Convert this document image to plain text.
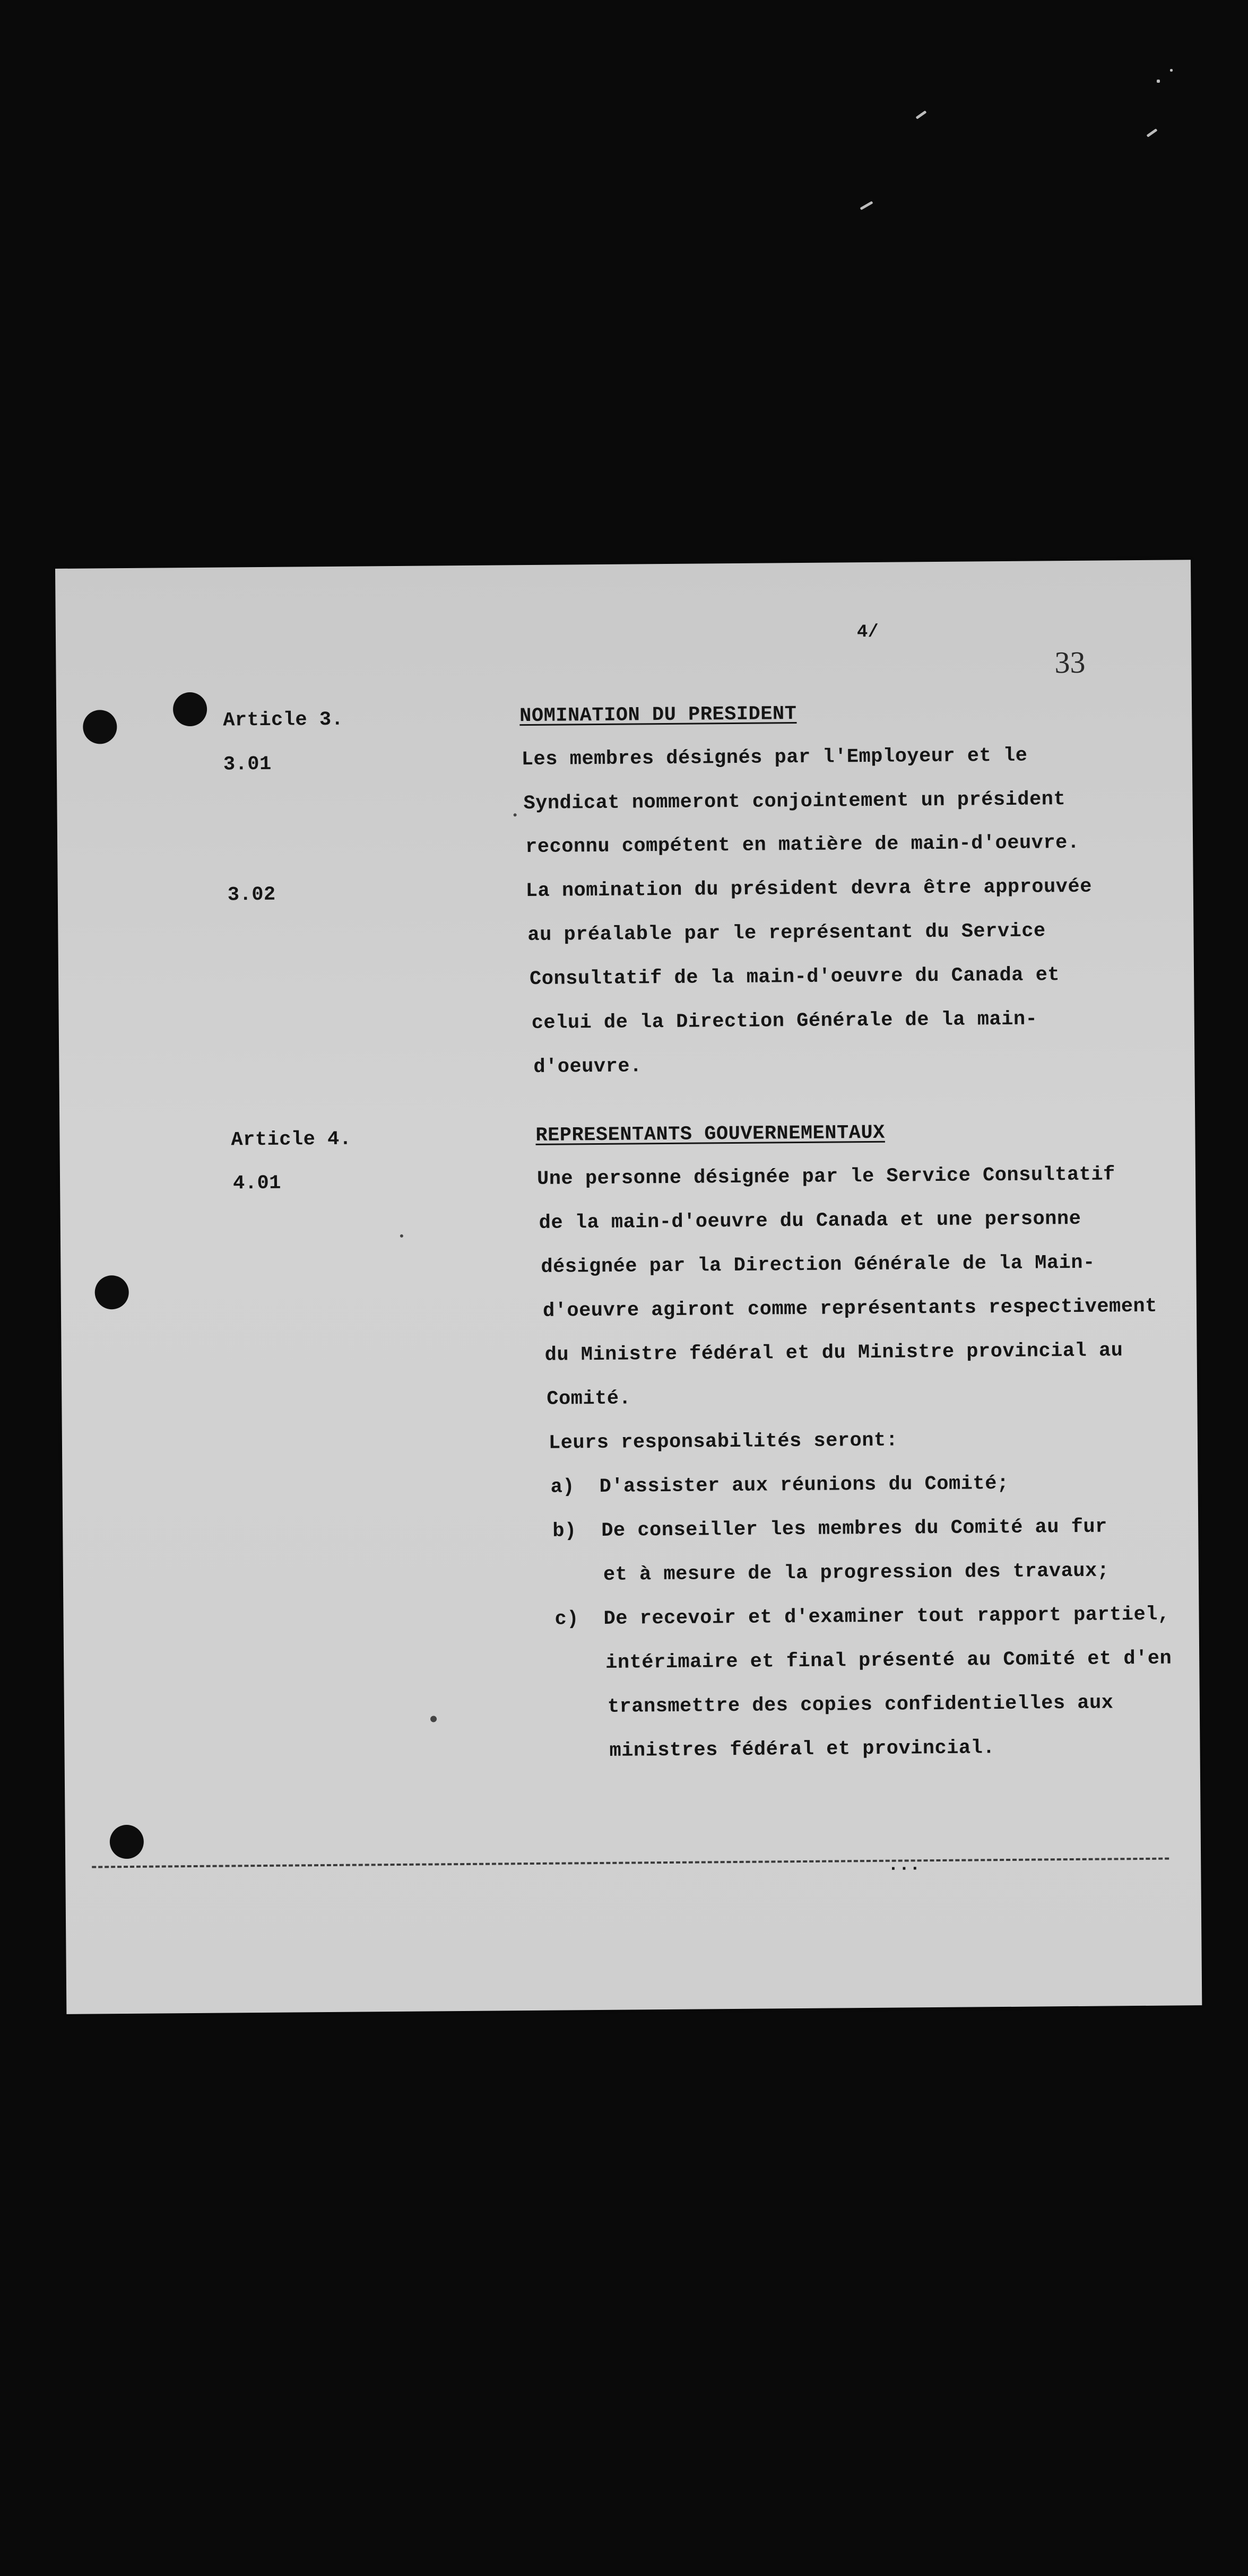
4/
33
Article 3.	NOMINATION DU PRESIDENT
3.01	Les membres désignés par l'Employeur et le
Syndicat nommeront conjointement un président
reconnu compétent en matière de main-d'oeuvre.
3.02	La nomination du président devra être approuvée
au préalable par le représentant du Service
Consultatif de la main-d'oeuvre du Canada et
celui de la Direction Générale de la main-
d'oeuvre.
Article 4.	REPRESENTANTS GOUVERNEMENTAUX
4.01	Une personne désignée par le Service Consultatif
de la main-d'oeuvre du Canada et une personne
désignée par la Direction Générale de la Main-
d'oeuvre agiront comme représentants respectivement
du Ministre fédéral et du Ministre provincial au
Comité.
Leurs responsabilités seront:
a) D'assister aux réunions du Comité;
b) De conseiller les membres du Comité au fur
et à mesure de la progression des travaux;
c) De recevoir et d'examiner tout rapport partiel,
intérimaire et final présenté au Comité et d'en
transmettre des copies confidentielles aux
ministres fédéral et provincial.
...
